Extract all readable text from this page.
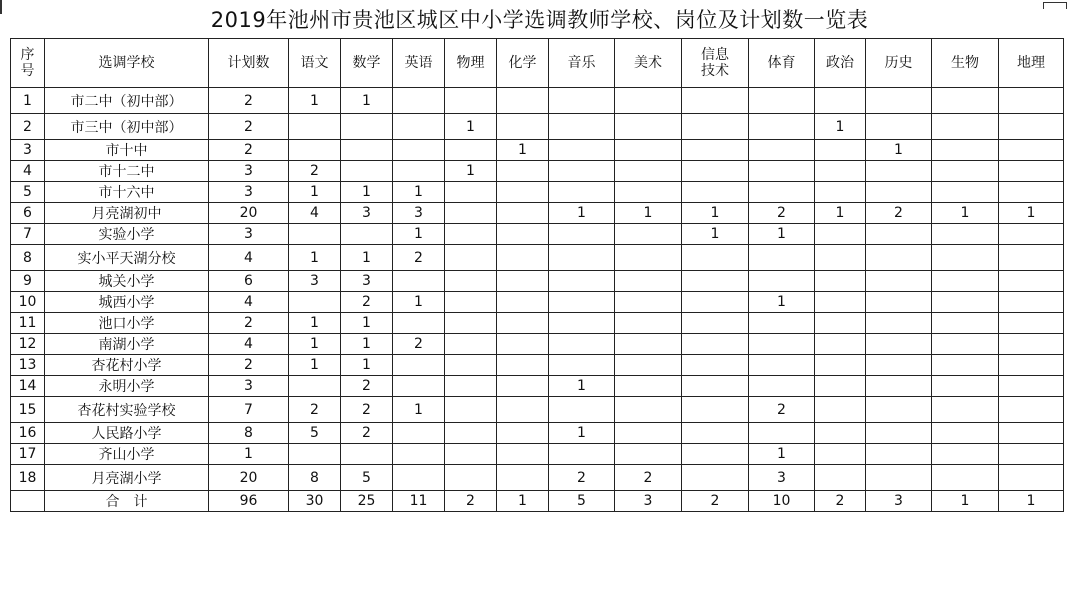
2019年池州市贵池区城区中小学选调教师学校、岗位及计划数一览表
序号	选调学校	计划数	语文	数学	英语	物理	化学	音乐	美术	信息技术	体育	政治	历史	生物	地理
1	市二中（初中部）	2	1	1											
2	市三中（初中部）	2				1						1			
3	市十中	2					1						1		
4	市十二中	3	2			1									
5	市十六中	3	1	1	1										
6	月亮湖初中	20	4	3	3			1	1	1	2	1	2	1	1
7	实验小学	3			1					1	1				
8	实小平天湖分校	4	1	1	2										
9	城关小学	6	3	3											
10	城西小学	4		2	1						1				
11	池口小学	2	1	1											
12	南湖小学	4	1	1	2										
13	杏花村小学	2	1	1											
14	永明小学	3		2				1							
15	杏花村实验学校	7	2	2	1						2				
16	人民路小学	8	5	2				1							
17	齐山小学	1									1				
18	月亮湖小学	20	8	5				2	2		3				
	合　计	96	30	25	11	2	1	5	3	2	10	2	3	1	1
